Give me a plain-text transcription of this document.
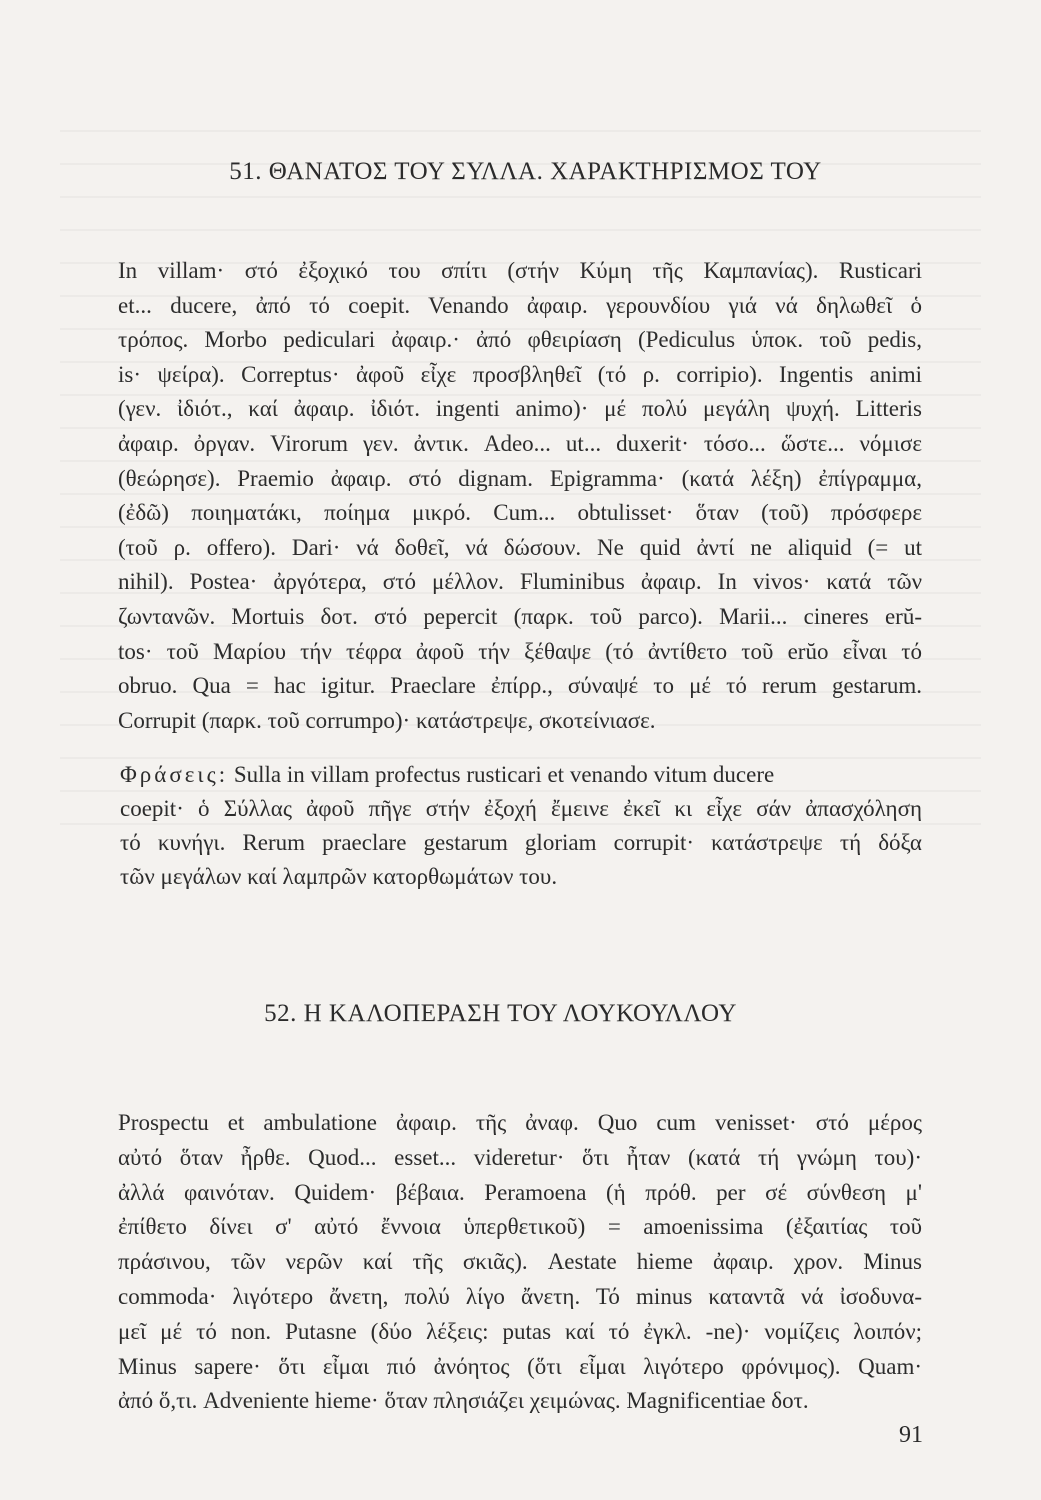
51. ΘΑΝΑΤΟΣ ΤΟΥ ΣΥΛΛΑ. ΧΑΡΑΚΤΗΡΙΣΜΟΣ ΤΟΥ
In villam· στό ἐξοχικό του σπίτι (στήν Κύμη τῆς Καμπανίας). Rusticari
et... ducere, ἀπό τό coepit. Venando ἀφαιρ. γερουνδίου γιά νά δηλωθεῖ ὁ
τρόπος. Morbo pediculari ἀφαιρ.· ἀπό φθειρίαση (Pediculus ὑποκ. τοῦ pedis,
is· ψείρα). Correptus· ἀφοῦ εἶχε προσβληθεῖ (τό ρ. corripio). Ingentis animi
(γεν. ἰδιότ., καί ἀφαιρ. ἰδιότ. ingenti animo)· μέ πολύ μεγάλη ψυχή. Litteris
ἀφαιρ. ὀργαν. Virorum γεν. ἀντικ. Adeo... ut... duxerit· τόσο... ὥστε... νόμισε
(θεώρησε). Praemio ἀφαιρ. στό dignam. Epigramma· (κατά λέξη) ἐπίγραμμα,
(ἐδῶ) ποιηματάκι, ποίημα μικρό. Cum... obtulisset· ὅταν (τοῦ) πρόσφερε
(τοῦ ρ. offero). Dari· νά δοθεῖ, νά δώσουν. Ne quid ἀντί ne aliquid (= ut
nihil). Postea· ἀργότερα, στό μέλλον. Fluminibus ἀφαιρ. In vivos· κατά τῶν
ζωντανῶν. Mortuis δοτ. στό pepercit (παρκ. τοῦ parco). Marii... cineres erŭ-
tos· τοῦ Μαρίου τήν τέφρα ἀφοῦ τήν ξέθαψε (τό ἀντίθετο τοῦ erŭo εἶναι τό
obruo. Qua = hac igitur. Praeclare ἐπίρρ., σύναψέ το μέ τό rerum gestarum.
Corrupit (παρκ. τοῦ corrumpo)· κατάστρεψε, σκοτείνιασε.
Φράσεις: Sulla in villam profectus rusticari et venando vitum ducere
coepit· ὁ Σύλλας ἀφοῦ πῆγε στήν ἐξοχή ἔμεινε ἐκεῖ κι εἶχε σάν ἀπασχόληση
τό κυνήγι. Rerum praeclare gestarum gloriam corrupit· κατάστρεψε τή δόξα
τῶν μεγάλων καί λαμπρῶν κατορθωμάτων του.
52. Η ΚΑΛΟΠΕΡΑΣΗ ΤΟΥ ΛΟΥΚΟΥΛΛΟΥ
Prospectu et ambulatione ἀφαιρ. τῆς ἀναφ. Quo cum venisset· στό μέρος
αὐτό ὅταν ἦρθε. Quod... esset... videretur· ὅτι ἦταν (κατά τή γνώμη του)·
ἀλλά φαινόταν. Quidem· βέβαια. Peramoena (ἡ πρόθ. per σέ σύνθεση μ'
ἐπίθετο δίνει σ' αὐτό ἔννοια ὑπερθετικοῦ) = amoenissima (ἐξαιτίας τοῦ
πράσινου, τῶν νερῶν καί τῆς σκιᾶς). Aestate hieme ἀφαιρ. χρον. Minus
commoda· λιγότερο ἄνετη, πολύ λίγο ἄνετη. Τό minus καταντᾶ νά ἰσοδυνα-
μεῖ μέ τό non. Putasne (δύο λέξεις: putas καί τό ἐγκλ. -ne)· νομίζεις λοιπόν;
Minus sapere· ὅτι εἶμαι πιό ἀνόητος (ὅτι εἶμαι λιγότερο φρόνιμος). Quam·
ἀπό ὅ,τι. Adveniente hieme· ὅταν πλησιάζει χειμώνας. Magnificentiae δοτ.
91
